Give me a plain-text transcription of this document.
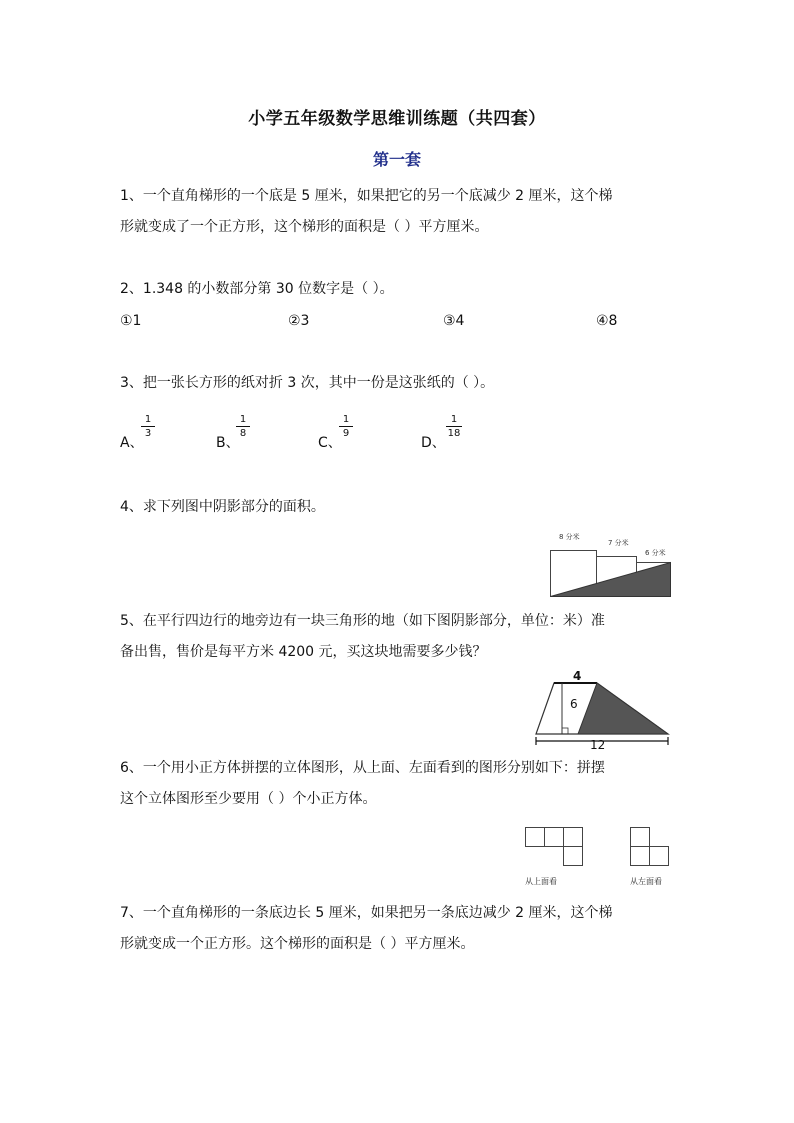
小学五年级数学思维训练题（共四套）
第一套
1、一个直角梯形的一个底是 5 厘米，如果把它的另一个底减少 2 厘米，这个梯
形就变成了一个正方形，这个梯形的面积是（ ）平方厘米。
2、1.348 的小数部分第 30 位数字是（ ）。
①1	②3	③4	④8
3、把一张长方形的纸对折 3 次，其中一份是这张纸的（ ）。
A、
1
3
B、
1
8
C、
1
9
D、
1
18
4、求下列图中阴影部分的面积。
8 分米
7 分米
6 分米
5、在平行四边行的地旁边有一块三角形的地（如下图阴影部分，单位：米）准
备出售，售价是每平方米 4200 元，买这块地需要多少钱？
4
6
12
6、一个用小正方体拼摆的立体图形，从上面、左面看到的图形分别如下：拼摆
这个立体图形至少要用（ ）个小正方体。
从上面看	从左面看
7、一个直角梯形的一条底边长 5 厘米，如果把另一条底边减少 2 厘米，这个梯
形就变成一个正方形。这个梯形的面积是（ ）平方厘米。
